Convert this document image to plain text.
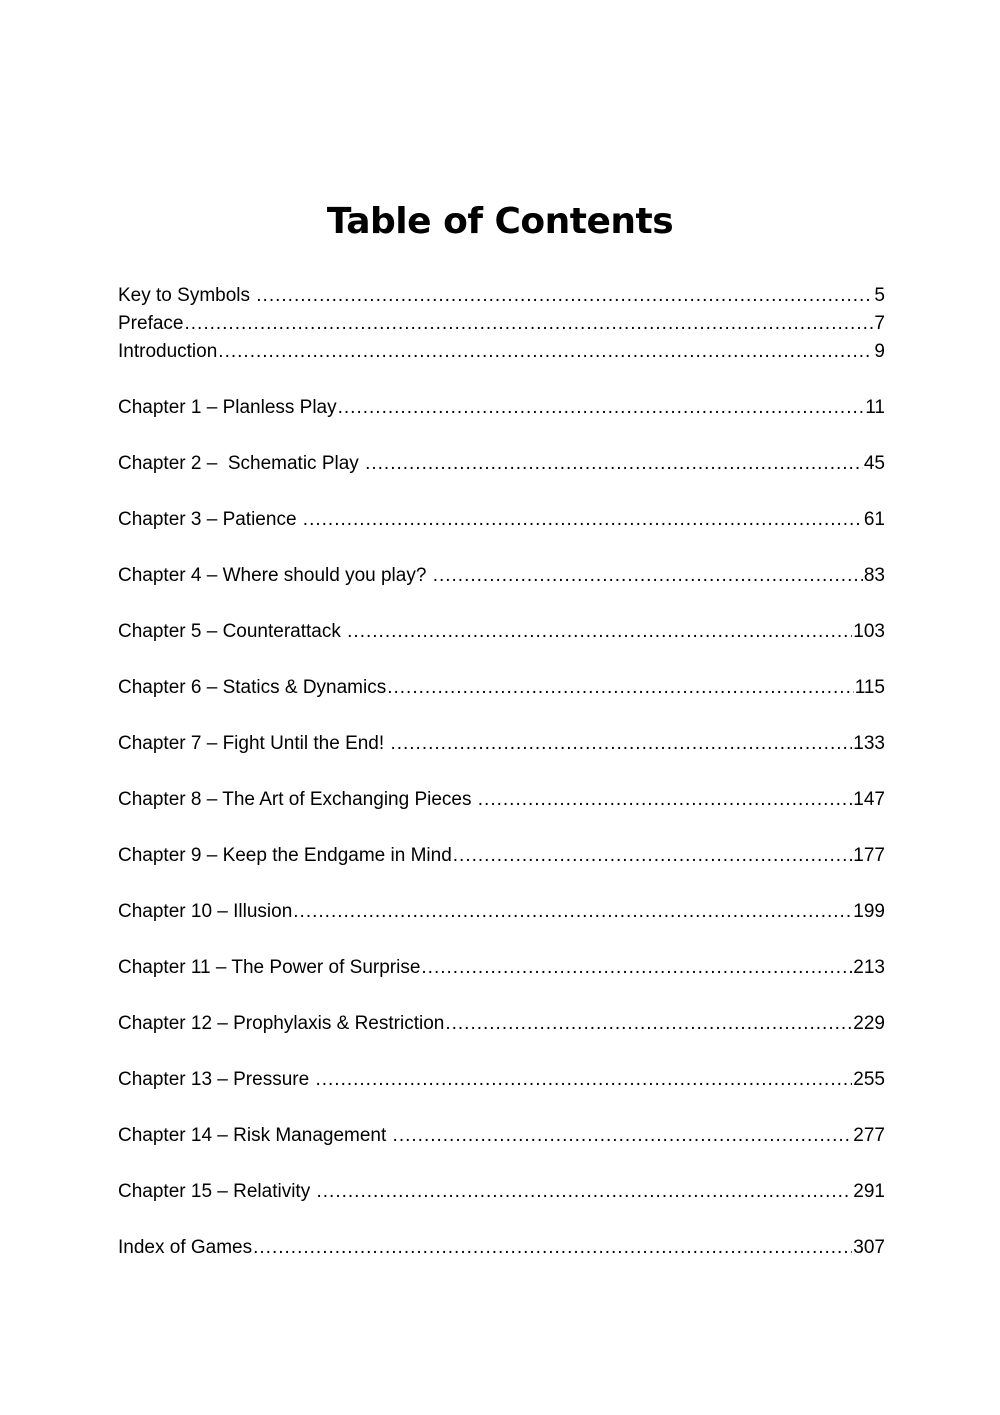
Table of Contents
Key to Symbols .....	5
Preface .....	7
Introduction .....	9
Chapter 1 – Planless Play .....	11
Chapter 2 –  Schematic Play .....	45
Chapter 3 – Patience .....	61
Chapter 4 – Where should you play? .....	83
Chapter 5 – Counterattack .....	103
Chapter 6 – Statics & Dynamics .....	115
Chapter 7 – Fight Until the End! .....	133
Chapter 8 – The Art of Exchanging Pieces .....	147
Chapter 9 – Keep the Endgame in Mind .....	177
Chapter 10 – Illusion .....	199
Chapter 11 – The Power of Surprise .....	213
Chapter 12 – Prophylaxis & Restriction .....	229
Chapter 13 – Pressure .....	255
Chapter 14 – Risk Management .....	277
Chapter 15 – Relativity .....	291
Index of Games .....	307
